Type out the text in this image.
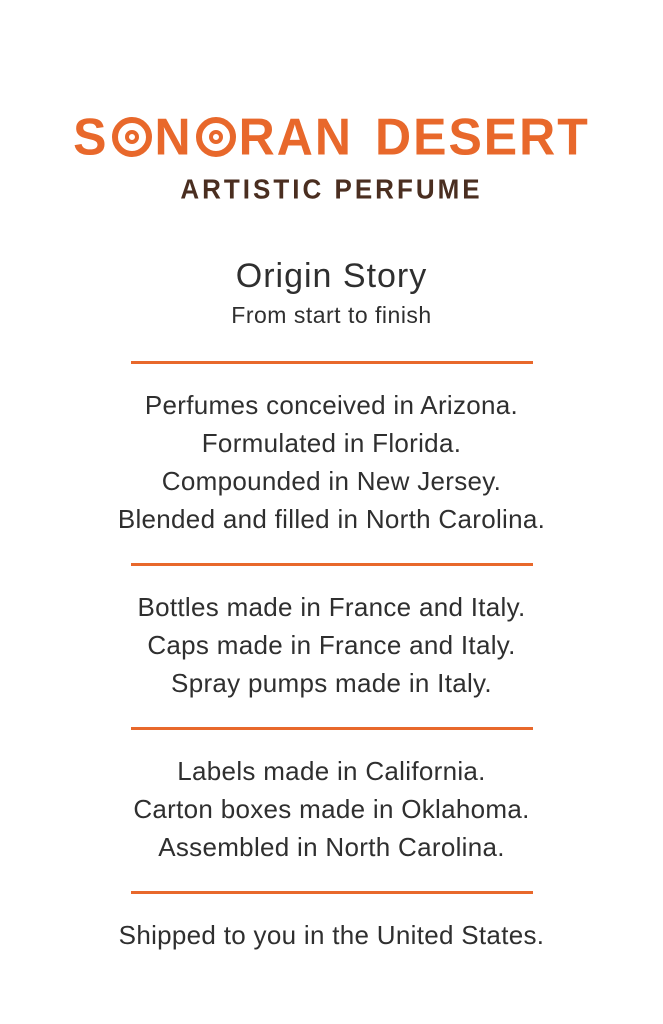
S N RAN DESERT
ARTISTIC PERFUME
Origin Story
From start to finish

Perfumes conceived in Arizona.

Formulated in Florida.

Compounded in New Jersey.

Blended and filled in North Carolina.

Bottles made in France and Italy.

Caps made in France and Italy.

Spray pumps made in Italy.

Labels made in California.

Carton boxes made in Oklahoma.

Assembled in North Carolina.

Shipped to you in the United States.
